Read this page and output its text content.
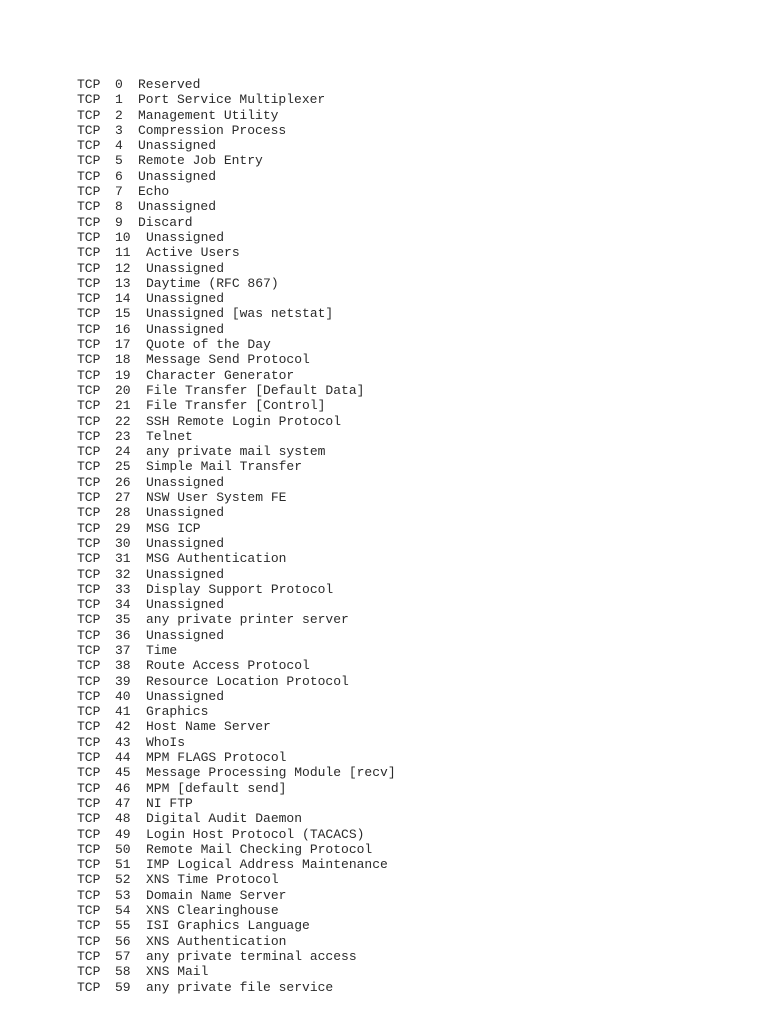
TCP 0 Reserved
TCP 1 Port Service Multiplexer
TCP 2 Management Utility
TCP 3 Compression Process
TCP 4 Unassigned
TCP 5 Remote Job Entry
TCP 6 Unassigned
TCP 7 Echo
TCP 8 Unassigned
TCP 9 Discard
TCP 10 Unassigned
TCP 11 Active Users
TCP 12 Unassigned
TCP 13 Daytime (RFC 867)
TCP 14 Unassigned
TCP 15 Unassigned [was netstat]
TCP 16 Unassigned
TCP 17 Quote of the Day
TCP 18 Message Send Protocol
TCP 19 Character Generator
TCP 20 File Transfer [Default Data]
TCP 21 File Transfer [Control]
TCP 22 SSH Remote Login Protocol
TCP 23 Telnet
TCP 24 any private mail system
TCP 25 Simple Mail Transfer
TCP 26 Unassigned
TCP 27 NSW User System FE
TCP 28 Unassigned
TCP 29 MSG ICP
TCP 30 Unassigned
TCP 31 MSG Authentication
TCP 32 Unassigned
TCP 33 Display Support Protocol
TCP 34 Unassigned
TCP 35 any private printer server
TCP 36 Unassigned
TCP 37 Time
TCP 38 Route Access Protocol
TCP 39 Resource Location Protocol
TCP 40 Unassigned
TCP 41 Graphics
TCP 42 Host Name Server
TCP 43 WhoIs
TCP 44 MPM FLAGS Protocol
TCP 45 Message Processing Module [recv]
TCP 46 MPM [default send]
TCP 47 NI FTP
TCP 48 Digital Audit Daemon
TCP 49 Login Host Protocol (TACACS)
TCP 50 Remote Mail Checking Protocol
TCP 51 IMP Logical Address Maintenance
TCP 52 XNS Time Protocol
TCP 53 Domain Name Server
TCP 54 XNS Clearinghouse
TCP 55 ISI Graphics Language
TCP 56 XNS Authentication
TCP 57 any private terminal access
TCP 58 XNS Mail
TCP 59 any private file service
